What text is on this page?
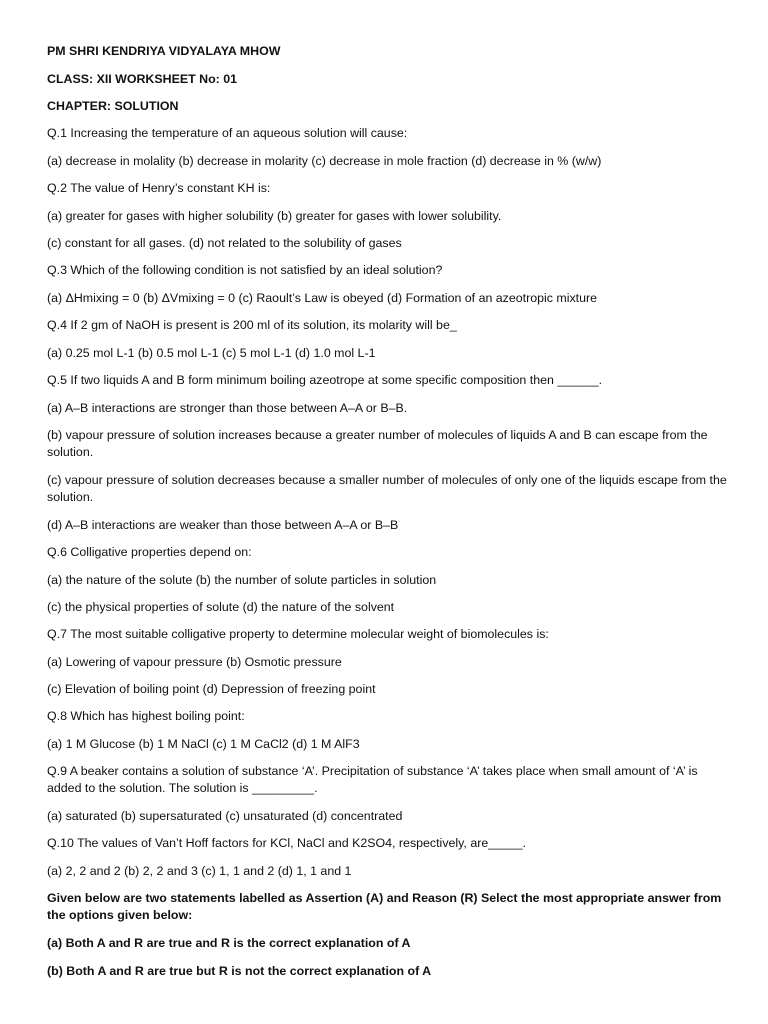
PM SHRI KENDRIYA VIDYALAYA MHOW

CLASS: XII WORKSHEET No: 01

CHAPTER: SOLUTION

Q.1 Increasing the temperature of an aqueous solution will cause:

(a) decrease in molality (b) decrease in molarity (c) decrease in mole fraction (d) decrease in % (w/w)

Q.2 The value of Henry’s constant KH is:

(a) greater for gases with higher solubility (b) greater for gases with lower solubility.

(c) constant for all gases. (d) not related to the solubility of gases

Q.3 Which of the following condition is not satisfied by an ideal solution?

(a) ΔHmixing = 0 (b) ΔVmixing = 0 (c) Raoult’s Law is obeyed (d) Formation of an azeotropic mixture

Q.4 If 2 gm of NaOH is present is 200 ml of its solution, its molarity will be_

(a) 0.25 mol L-1 (b) 0.5 mol L-1 (c) 5 mol L-1 (d) 1.0 mol L-1

Q.5 If two liquids A and B form minimum boiling azeotrope at some specific composition then ______.

(a) A–B interactions are stronger than those between A–A or B–B.

(b) vapour pressure of solution increases because a greater number of molecules of liquids A and B can escape from the solution.

(c) vapour pressure of solution decreases because a smaller number of molecules of only one of the liquids escape from the solution.

(d) A–B interactions are weaker than those between A–A or B–B

Q.6 Colligative properties depend on:

(a) the nature of the solute (b) the number of solute particles in solution

(c) the physical properties of solute (d) the nature of the solvent

Q.7 The most suitable colligative property to determine molecular weight of biomolecules is:

(a) Lowering of vapour pressure (b) Osmotic pressure

(c) Elevation of boiling point (d) Depression of freezing point

Q.8 Which has highest boiling point:

(a) 1 M Glucose (b) 1 M NaCl (c) 1 M CaCl2 (d) 1 M AlF3

Q.9 A beaker contains a solution of substance ‘A’. Precipitation of substance ‘A’ takes place when small amount of ‘A’ is added to the solution. The solution is _________.

(a) saturated (b) supersaturated (c) unsaturated (d) concentrated

Q.10 The values of Van’t Hoff factors for KCl, NaCl and K2SO4, respectively, are_____.

(a) 2, 2 and 2 (b) 2, 2 and 3 (c) 1, 1 and 2 (d) 1, 1 and 1

Given below are two statements labelled as Assertion (A) and Reason (R) Select the most appropriate answer from the options given below:

(a) Both A and R are true and R is the correct explanation of A

(b) Both A and R are true but R is not the correct explanation of A
